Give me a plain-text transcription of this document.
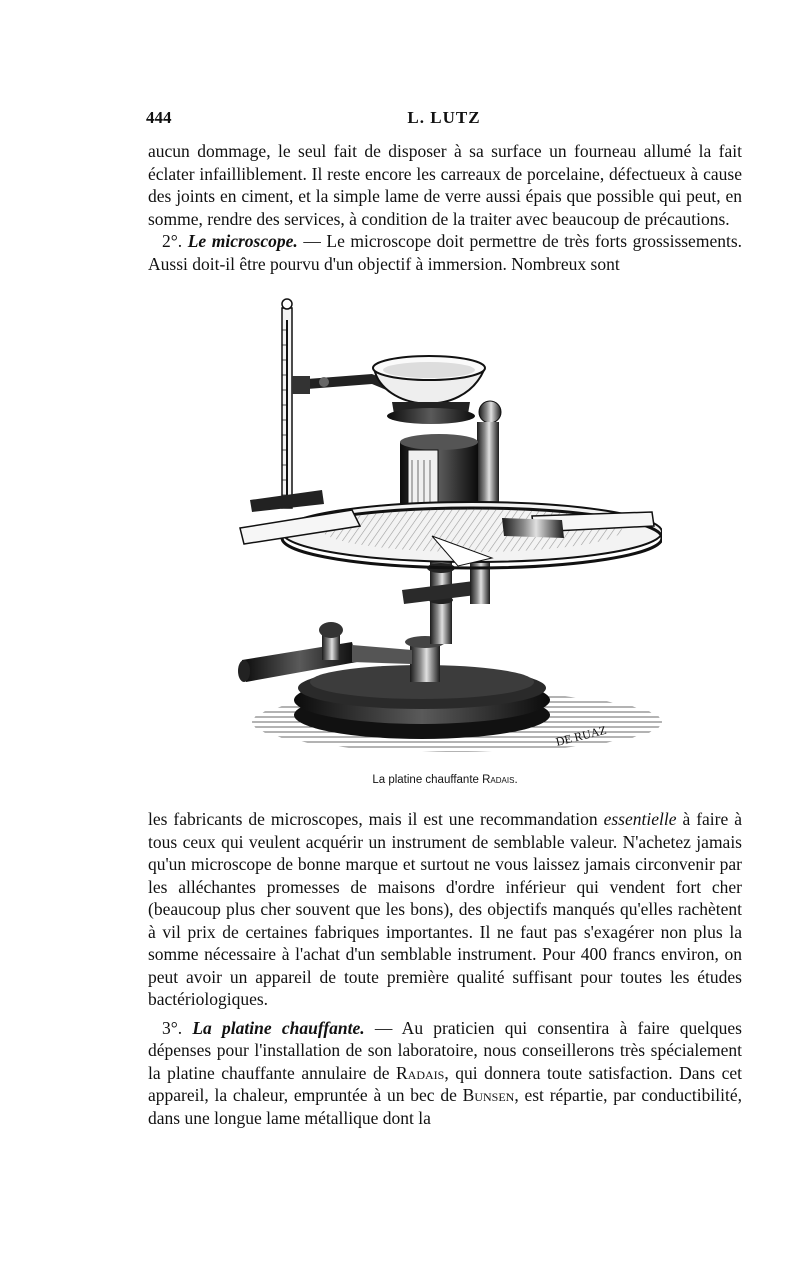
444	L. LUTZ

aucun dommage, le seul fait de disposer à sa surface un fourneau allumé la fait éclater infailliblement. Il reste encore les carreaux de porcelaine, défectueux à cause des joints en ciment, et la simple lame de verre aussi épais que possible qui peut, en somme, rendre des services, à condition de la traiter avec beaucoup de précautions.

2°. Le microscope. — Le microscope doit permettre de très forts grossissements. Aussi doit-il être pourvu d'un objectif à immersion. Nombreux sont

DE RUAZ
La platine chauffante Radais.

les fabricants de microscopes, mais il est une recommandation essentielle à faire à tous ceux qui veulent acquérir un instrument de semblable valeur. N'achetez jamais qu'un microscope de bonne marque et surtout ne vous laissez jamais circonvenir par les alléchantes promesses de maisons d'ordre inférieur qui vendent fort cher (beaucoup plus cher souvent que les bons), des objectifs manqués qu'elles rachètent à vil prix de certaines fabriques importantes. Il ne faut pas s'exagérer non plus la somme nécessaire à l'achat d'un semblable instrument. Pour 400 francs environ, on peut avoir un appareil de toute première qualité suffisant pour toutes les études bactériologiques.

3°. La platine chauffante. — Au praticien qui consentira à faire quelques dépenses pour l'installation de son laboratoire, nous conseillerons très spécialement la platine chauffante annulaire de Radais, qui donnera toute satisfaction. Dans cet appareil, la chaleur, empruntée à un bec de Bunsen, est répartie, par conductibilité, dans une longue lame métallique dont la
